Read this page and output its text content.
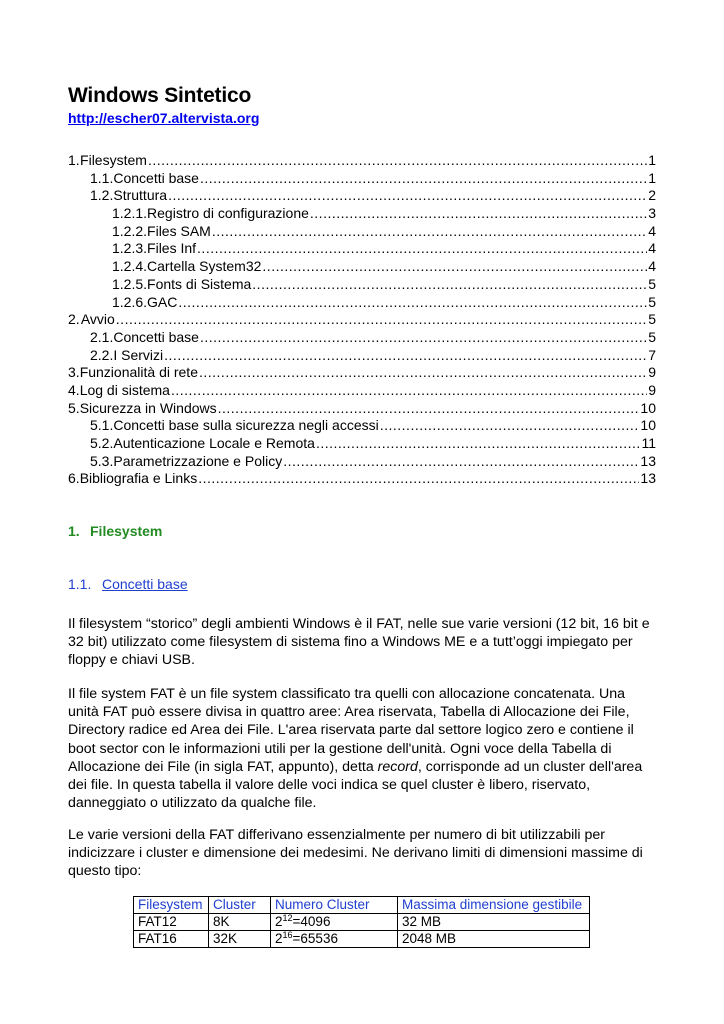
Windows Sintetico
http://escher07.altervista.org
1. Filesystem .....	1
1.1. Concetti base .....	1
1.2. Struttura .....	2
1.2.1. Registro di configurazione .....	3
1.2.2. Files SAM .....	4
1.2.3. Files Inf .....	4
1.2.4. Cartella System32 .....	4
1.2.5. Fonts di Sistema .....	5
1.2.6. GAC .....	5
2. Avvio .....	5
2.1. Concetti base .....	5
2.2. I Servizi .....	7
3. Funzionalità di rete .....	9
4. Log di sistema .....	9
5. Sicurezza in Windows .....	10
5.1. Concetti base sulla sicurezza negli accessi .....	10
5.2. Autenticazione Locale e Remota .....	11
5.3. Parametrizzazione e Policy .....	13
6. Bibliografia e Links .....	13
1. Filesystem
1.1. Concetti base
Il filesystem “storico” degli ambienti Windows è il FAT, nelle sue varie versioni (12 bit, 16 bit e 32 bit) utilizzato come filesystem di sistema fino a Windows ME e a tutt’oggi impiegato per floppy e chiavi USB.
Il file system FAT è un file system classificato tra quelli con allocazione concatenata. Una unità FAT può essere divisa in quattro aree: Area riservata, Tabella di Allocazione dei File, Directory radice ed Area dei File. L'area riservata parte dal settore logico zero e contiene il boot sector con le informazioni utili per la gestione dell'unità. Ogni voce della Tabella di Allocazione dei File (in sigla FAT, appunto), detta record, corrisponde ad un cluster dell'area dei file. In questa tabella il valore delle voci indica se quel cluster è libero, riservato, danneggiato o utilizzato da qualche file.
Le varie versioni della FAT differivano essenzialmente per numero di bit utilizzabili per indicizzare i cluster e dimensione dei medesimi. Ne derivano limiti di dimensioni massime di questo tipo:
Filesystem	Cluster	Numero Cluster	Massima dimensione gestibile
FAT12	8K	$2^{12}=4096$	32 MB
FAT16	32K	$2^{16}=65536$	2048 MB
